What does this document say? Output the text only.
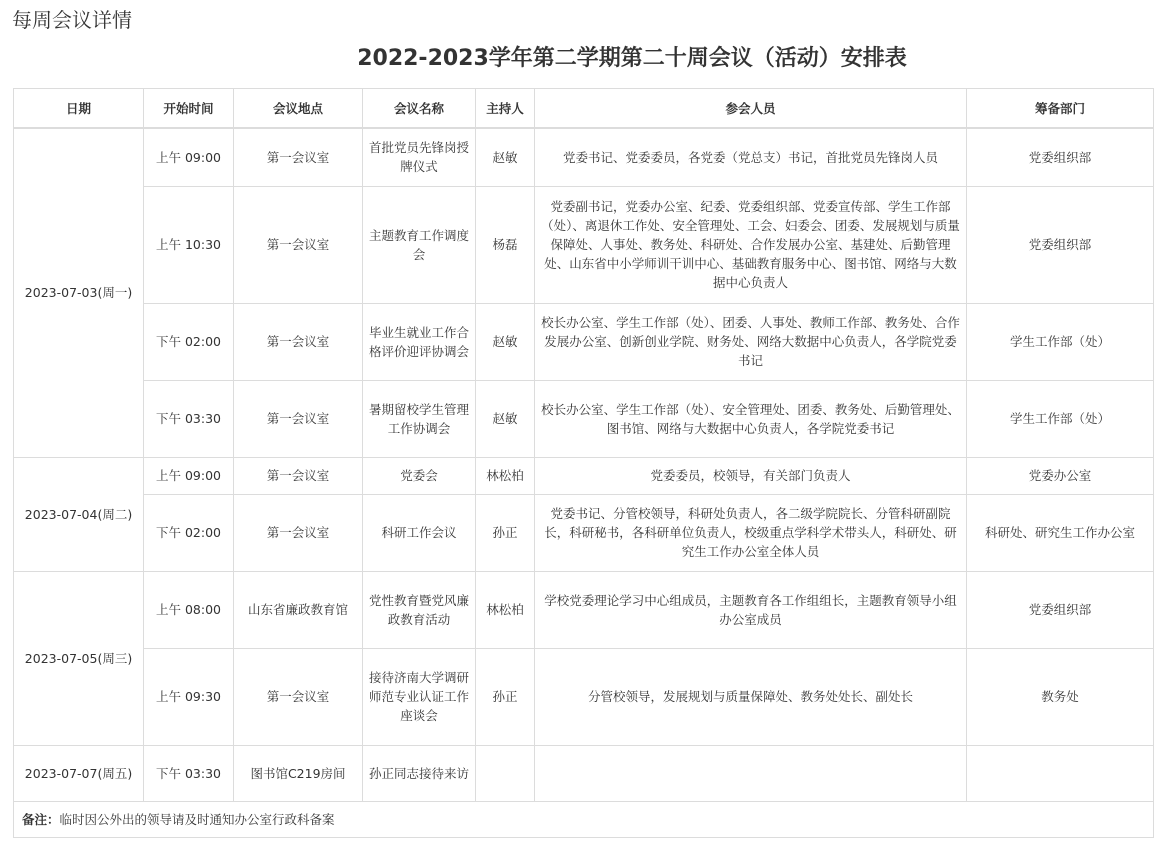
每周会议详情
2022-2023学年第二学期第二十周会议（活动）安排表
日期	开始时间	会议地点	会议名称	主持人	参会人员	筹备部门
2023-07-03(周一)	上午 09:00	第一会议室	首批党员先锋岗授牌仪式	赵敏	党委书记、党委委员，各党委（党总支）书记，首批党员先锋岗人员	党委组织部
	上午 10:30	第一会议室	主题教育工作调度会	杨磊	党委副书记，党委办公室、纪委、党委组织部、党委宣传部、学生工作部（处）、离退休工作处、安全管理处、工会、妇委会、团委、发展规划与质量保障处、人事处、教务处、科研处、合作发展办公室、基建处、后勤管理处、山东省中小学师训干训中心、基础教育服务中心、图书馆、网络与大数据中心负责人	党委组织部
	下午 02:00	第一会议室	毕业生就业工作合格评价迎评协调会	赵敏	校长办公室、学生工作部（处）、团委、人事处、教师工作部、教务处、合作发展办公室、创新创业学院、财务处、网络大数据中心负责人，各学院党委书记	学生工作部（处）
	下午 03:30	第一会议室	暑期留校学生管理工作协调会	赵敏	校长办公室、学生工作部（处）、安全管理处、团委、教务处、后勤管理处、图书馆、网络与大数据中心负责人，各学院党委书记	学生工作部（处）
2023-07-04(周二)	上午 09:00	第一会议室	党委会	林松柏	党委委员，校领导，有关部门负责人	党委办公室
	下午 02:00	第一会议室	科研工作会议	孙正	党委书记、分管校领导，科研处负责人，各二级学院院长、分管科研副院长，科研秘书，各科研单位负责人，校级重点学科学术带头人，科研处、研究生工作办公室全体人员	科研处、研究生工作办公室
2023-07-05(周三)	上午 08:00	山东省廉政教育馆	党性教育暨党风廉政教育活动	林松柏	学校党委理论学习中心组成员，主题教育各工作组组长，主题教育领导小组办公室成员	党委组织部
	上午 09:30	第一会议室	接待济南大学调研师范专业认证工作座谈会	孙正	分管校领导，发展规划与质量保障处、教务处处长、副处长	教务处
2023-07-07(周五)	下午 03:30	图书馆C219房间	孙正同志接待来访			
备注：临时因公外出的领导请及时通知办公室行政科备案						
